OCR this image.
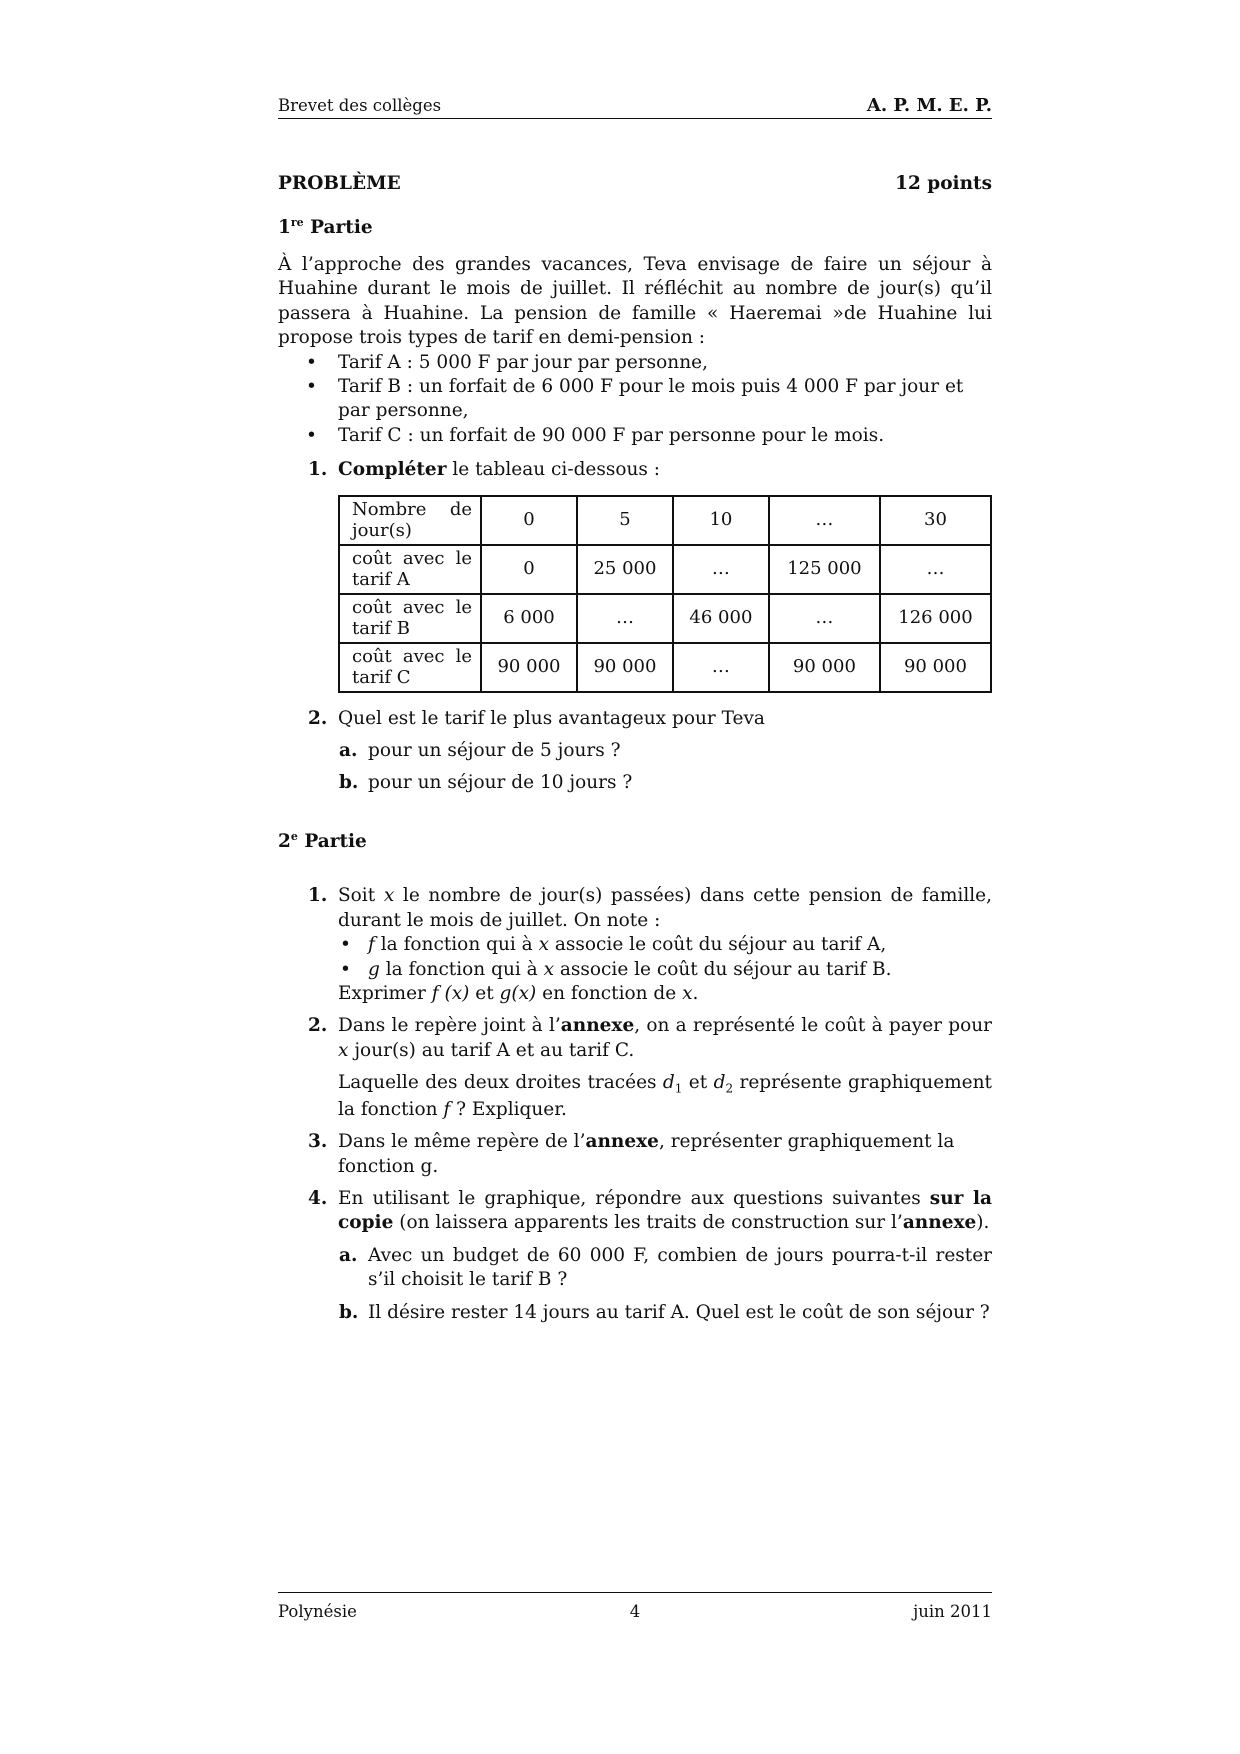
Brevet des collèges	A. P. M. E. P.
PROBLÈME	12 points

1re Partie

À l’approche des grandes vacances, Teva envisage de faire un séjour à Huahine durant le mois de juillet. Il réfléchit au nombre de jour(s) qu’il passera à Huahine. La pension de famille « Haeremai »de Huahine lui propose trois types de tarif en demi-pension :

• Tarif A : 5 000 F par jour par personne,
• Tarif B : un forfait de 6 000 F pour le mois puis 4 000 F par jour et par personne,
• Tarif C : un forfait de 90 000 F par personne pour le mois.

1. Compléter le tableau ci-dessous :

Nombre de
jour(s)	0	5	10	…	30

coût avec le
tarif A	0	25 000	…	125 000	…

coût avec le
tarif B	6 000	…	46 000	…	126 000

coût avec le
tarif C	90 000	90 000	…	90 000	90 000

2. Quel est le tarif le plus avantageux pour Teva

a. pour un séjour de 5 jours ?

b. pour un séjour de 10 jours ?

2e Partie

1. Soit x le nombre de jour(s) passées) dans cette pension de famille, durant le mois de juillet. On note :

• f la fonction qui à x associe le coût du séjour au tarif A,
• g la fonction qui à x associe le coût du séjour au tarif B.

Exprimer f (x) et g(x) en fonction de x.

2. Dans le repère joint à l’annexe, on a représenté le coût à payer pour x jour(s) au tarif A et au tarif C.

Laquelle des deux droites tracées $d_1$ et $d_2$ représente graphiquement la fonction f ? Expliquer.

3. Dans le même repère de l’annexe, représenter graphiquement la fonction g.

4. En utilisant le graphique, répondre aux questions suivantes sur la copie (on laissera apparents les traits de construction sur l’annexe).

a. Avec un budget de 60 000 F, combien de jours pourra-t-il rester s’il choisit le tarif B ?

b. Il désire rester 14 jours au tarif A. Quel est le coût de son séjour ?

Polynésie	4	juin 2011
